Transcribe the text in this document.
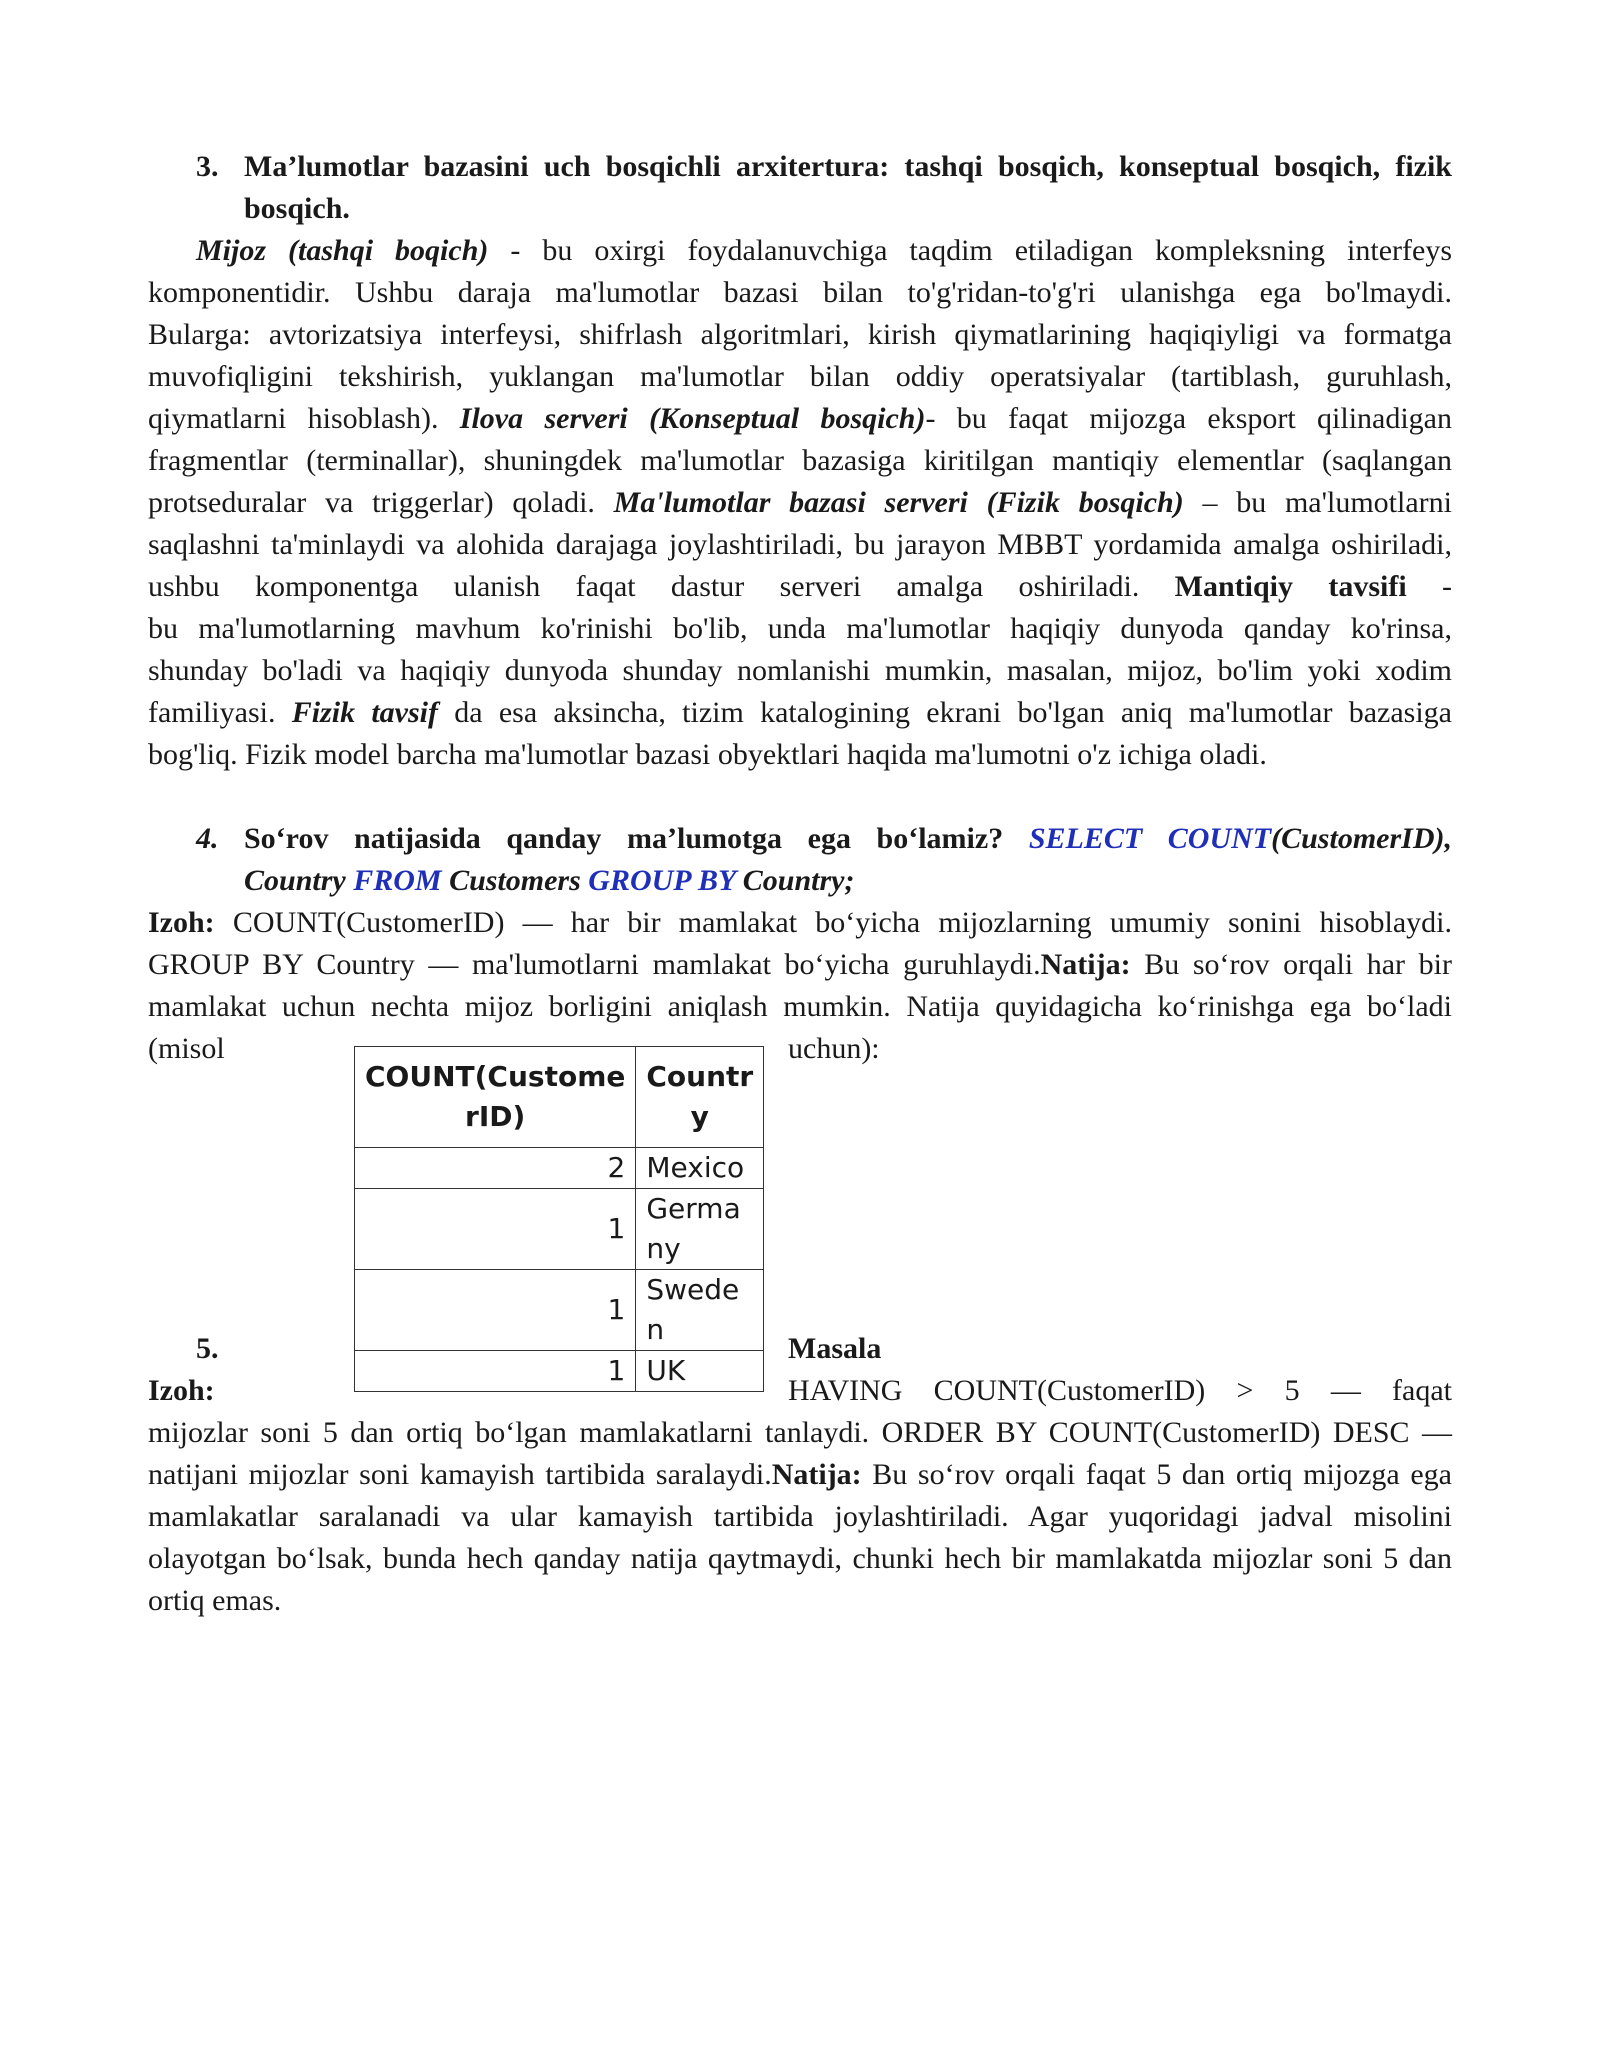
3. Ma’lumotlar bazasini uch bosqichli arxitertura: tashqi bosqich, konseptual bosqich, fizik
bosqich.
Mijoz (tashqi boqich) - bu oxirgi foydalanuvchiga taqdim etiladigan kompleksning interfeys
komponentidir. Ushbu daraja ma'lumotlar bazasi bilan to'g'ridan-to'g'ri ulanishga ega bo'lmaydi.
Bularga: avtorizatsiya interfeysi, shifrlash algoritmlari, kirish qiymatlarining haqiqiyligi va formatga
muvofiqligini tekshirish, yuklangan ma'lumotlar bilan oddiy operatsiyalar (tartiblash, guruhlash,
qiymatlarni hisoblash). Ilova serveri (Konseptual bosqich)- bu faqat mijozga eksport qilinadigan
fragmentlar (terminallar), shuningdek ma'lumotlar bazasiga kiritilgan mantiqiy elementlar (saqlangan
protseduralar va triggerlar) qoladi. Ma'lumotlar bazasi serveri (Fizik bosqich) – bu ma'lumotlarni
saqlashni ta'minlaydi va alohida darajaga joylashtiriladi, bu jarayon MBBT yordamida amalga oshiriladi,
ushbu komponentga ulanish faqat dastur serveri amalga oshiriladi. Mantiqiy tavsifi -
bu ma'lumotlarning mavhum ko'rinishi bo'lib, unda ma'lumotlar haqiqiy dunyoda qanday ko'rinsa,
shunday bo'ladi va haqiqiy dunyoda shunday nomlanishi mumkin, masalan, mijoz, bo'lim yoki xodim
familiyasi. Fizik tavsif da esa aksincha, tizim katalogining ekrani bo'lgan aniq ma'lumotlar bazasiga
bog'liq. Fizik model barcha ma'lumotlar bazasi obyektlari haqida ma'lumotni o'z ichiga oladi.
4. So‘rov natijasida qanday ma’lumotga ega bo‘lamiz? SELECT COUNT(CustomerID),
Country FROM Customers GROUP BY Country;
Izoh: COUNT(CustomerID) — har bir mamlakat bo‘yicha mijozlarning umumiy sonini hisoblaydi.
GROUP BY Country — ma'lumotlarni mamlakat bo‘yicha guruhlaydi.Natija: Bu so‘rov orqali har bir
mamlakat uchun nechta mijoz borligini aniqlash mumkin. Natija quyidagicha ko‘rinishga ega bo‘ladi
(misol	uchun):
COUNT(Custome rID)	Countr y
2	Mexico
1	Germa ny
1	Swede n
1	UK
5.	Masala
Izoh:	HAVING COUNT(CustomerID) > 5 — faqat
mijozlar soni 5 dan ortiq bo‘lgan mamlakatlarni tanlaydi. ORDER BY COUNT(CustomerID) DESC —
natijani mijozlar soni kamayish tartibida saralaydi.Natija: Bu so‘rov orqali faqat 5 dan ortiq mijozga ega
mamlakatlar saralanadi va ular kamayish tartibida joylashtiriladi. Agar yuqoridagi jadval misolini
olayotgan bo‘lsak, bunda hech qanday natija qaytmaydi, chunki hech bir mamlakatda mijozlar soni 5 dan
ortiq emas.
